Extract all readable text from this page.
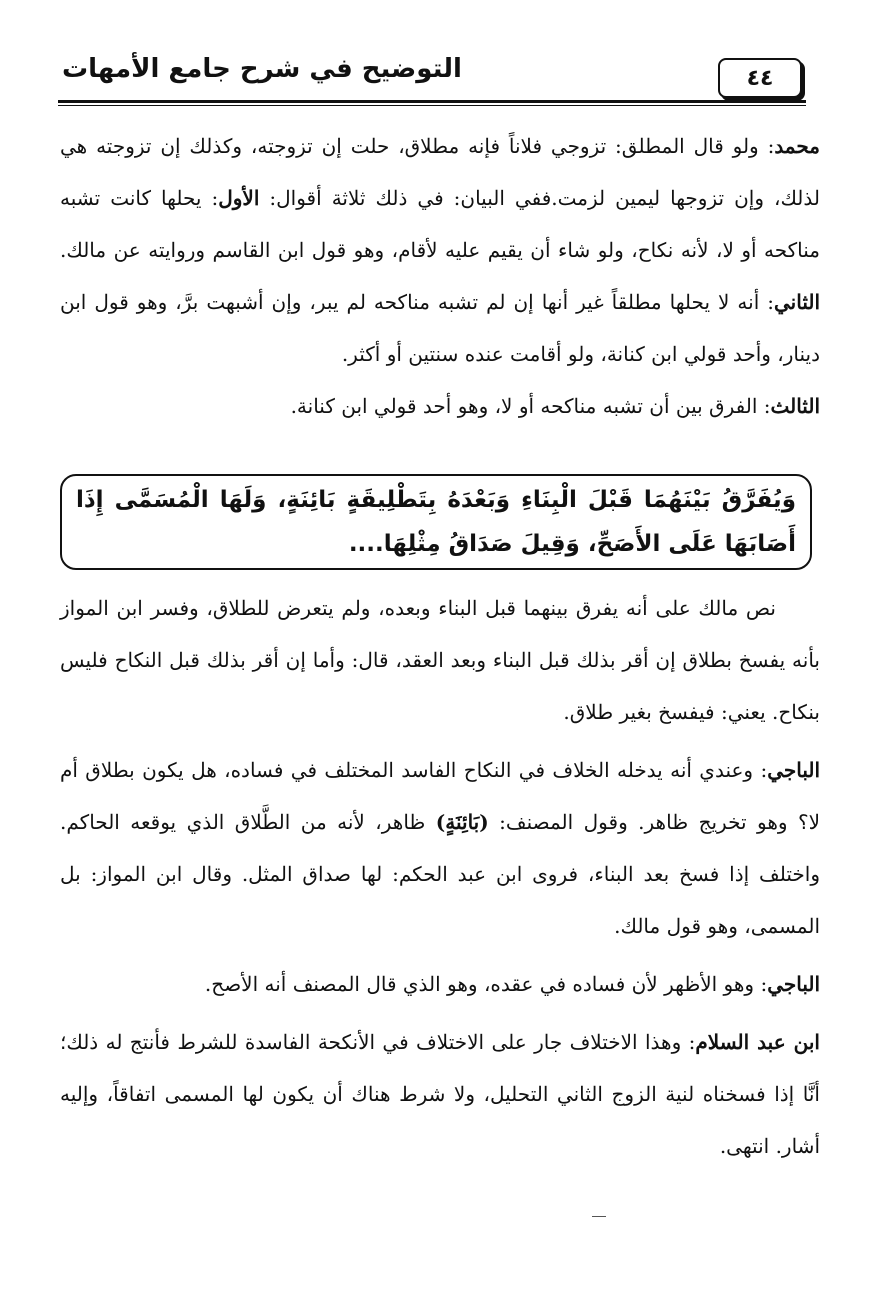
٤٤
التوضيح في شرح جامع الأمهات

محمد: ولو قال المطلق: تزوجي فلاناً فإنه مطلاق، حلت إن تزوجته، وكذلك إن تزوجته هي لذلك، وإن تزوجها ليمين لزمت.ففي البيان: في ذلك ثلاثة أقوال: الأول: يحلها كانت تشبه مناكحه أو لا، لأنه نكاح، ولو شاء أن يقيم عليه لأقام، وهو قول ابن القاسم وروايته عن مالك. الثاني: أنه لا يحلها مطلقاً غير أنها إن لم تشبه مناكحه لم يبر، وإن أشبهت برَّ، وهو قول ابن دينار، وأحد قولي ابن كنانة، ولو أقامت عنده سنتين أو أكثر.

الثالث: الفرق بين أن تشبه مناكحه أو لا، وهو أحد قولي ابن كنانة.

وَيُفَرَّقُ بَيْنَهُمَا قَبْلَ الْبِنَاءِ وَبَعْدَهُ بِتَطْلِيقَةٍ بَائِنَةٍ، وَلَهَا الْمُسَمَّى إِذَا أَصَابَهَا عَلَى الأَصَحِّ، وَقِيلَ صَدَاقُ مِثْلِهَا....

نص مالك على أنه يفرق بينهما قبل البناء وبعده، ولم يتعرض للطلاق، وفسر ابن المواز بأنه يفسخ بطلاق إن أقر بذلك قبل البناء وبعد العقد، قال: وأما إن أقر بذلك قبل النكاح فليس بنكاح. يعني: فيفسخ بغير طلاق.

الباجي: وعندي أنه يدخله الخلاف في النكاح الفاسد المختلف في فساده، هل يكون بطلاق أم لا؟ وهو تخريج ظاهر. وقول المصنف: (بَائِنَةٍ) ظاهر، لأنه من الطَّلاق الذي يوقعه الحاكم. واختلف إذا فسخ بعد البناء، فروى ابن عبد الحكم: لها صداق المثل. وقال ابن المواز: بل المسمى، وهو قول مالك.

الباجي: وهو الأظهر لأن فساده في عقده، وهو الذي قال المصنف أنه الأصح.

ابن عبد السلام: وهذا الاختلاف جار على الاختلاف في الأنكحة الفاسدة للشرط فأنتج له ذلك؛ أنَّا إذا فسخناه لنية الزوج الثاني التحليل، ولا شرط هناك أن يكون لها المسمى اتفاقاً، وإليه أشار. انتهى.
